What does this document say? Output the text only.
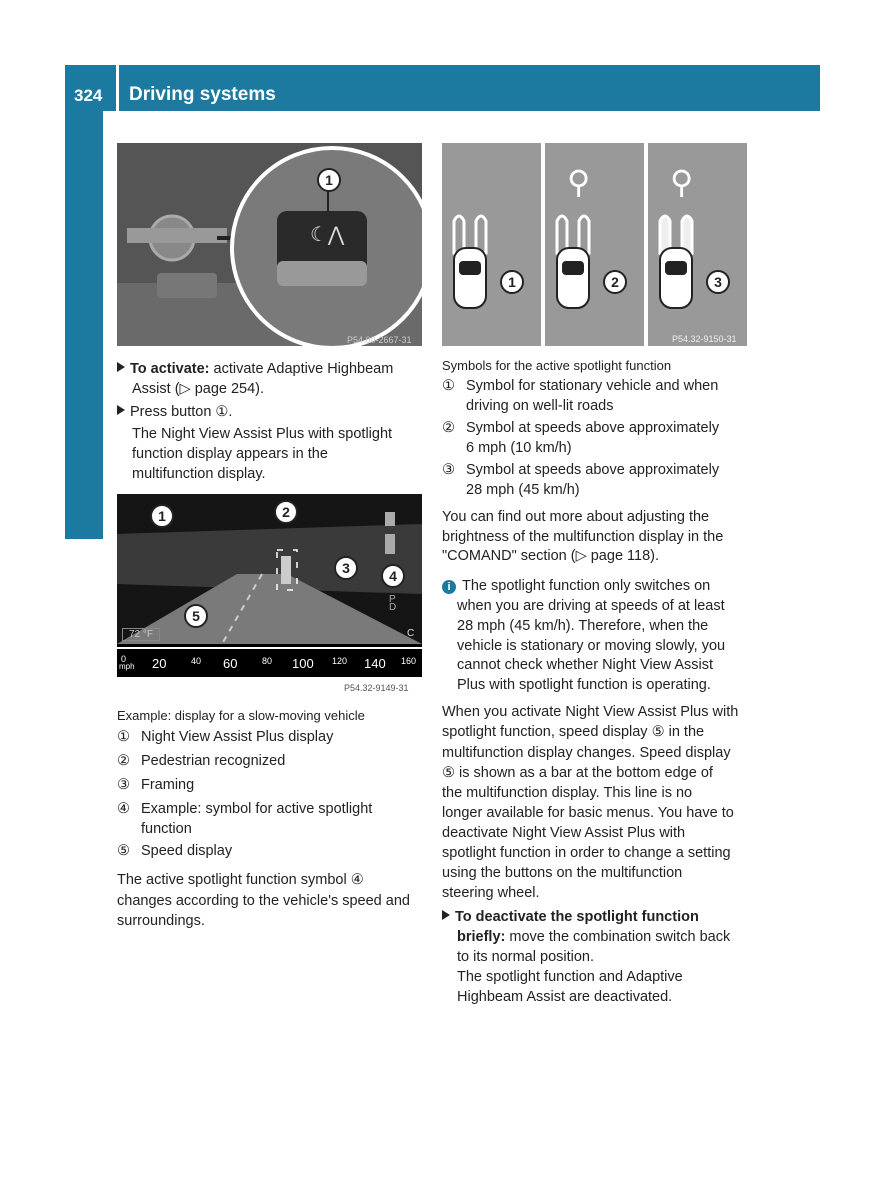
324 Driving systems
Driving and parking
☾⋀
1
P54.00-2667-31
To activate: activate Adaptive Highbeam
Assist (▷ page 254).
Press button ①.
The Night View Assist Plus with spotlight
function display appears in the
multifunction display.
1	2
3	4
5
P
D
C
72 °F
mph
0 20	40 60	80 100 120 140 160
P54.32-9149-31
Example: display for a slow-moving vehicle
① Night View Assist Plus display
② Pedestrian recognized
③ Framing
④ Example: symbol for active spotlight
function
⑤ Speed display
The active spotlight function symbol ④
changes according to the vehicle's speed and
surroundings.
⚲ ⚲
1	2	3
P54.32-9150-31
Symbols for the active spotlight function
① Symbol for stationary vehicle and when
driving on well-lit roads
② Symbol at speeds above approximately
6 mph (10 km/h)
③ Symbol at speeds above approximately
28 mph (45 km/h)
You can find out more about adjusting the
brightness of the multifunction display in the
"COMAND" section (▷ page 118).
i The spotlight function only switches on
when you are driving at speeds of at least
28 mph (45 km/h). Therefore, when the
vehicle is stationary or moving slowly, you
cannot check whether Night View Assist
Plus with spotlight function is operating.
When you activate Night View Assist Plus with
spotlight function, speed display ⑤ in the
multifunction display changes. Speed display
⑤ is shown as a bar at the bottom edge of
the multifunction display. This line is no
longer available for basic menus. You have to
deactivate Night View Assist Plus with
spotlight function in order to change a setting
using the buttons on the multifunction
steering wheel.
To deactivate the spotlight function
briefly: move the combination switch back
to its normal position.
The spotlight function and Adaptive
Highbeam Assist are deactivated.
